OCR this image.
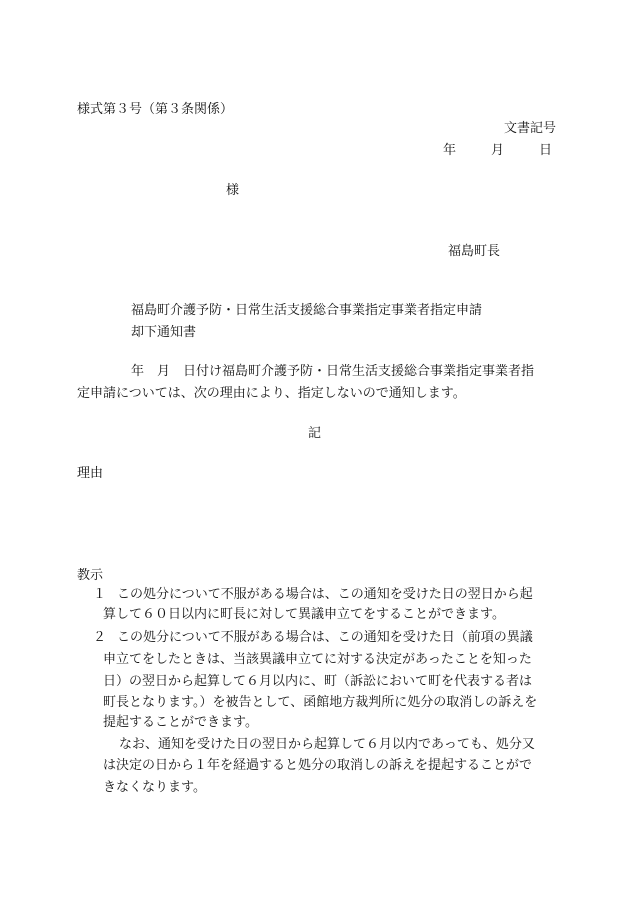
様式第３号（第３条関係）
文書記号
年	月	日
様
福島町長
福島町介護予防・日常生活支援総合事業指定事業者指定申請
却下通知書
年　月　日付け福島町介護予防・日常生活支援総合事業指定事業者指
定申請については、次の理由により、指定しないので通知します。
記
理由
教示
１ この処分について不服がある場合は、この通知を受けた日の翌日から起
算して６０日以内に町長に対して異議申立てをすることができます。
２ この処分について不服がある場合は、この通知を受けた日（前項の異議
申立てをしたときは、当該異議申立てに対する決定があったことを知った
日）の翌日から起算して６月以内に、町（訴訟において町を代表する者は
町長となります。）を被告として、函館地方裁判所に処分の取消しの訴えを
提起することができます。
なお、通知を受けた日の翌日から起算して６月以内であっても、処分又
は決定の日から１年を経過すると処分の取消しの訴えを提起することがで
きなくなります。
